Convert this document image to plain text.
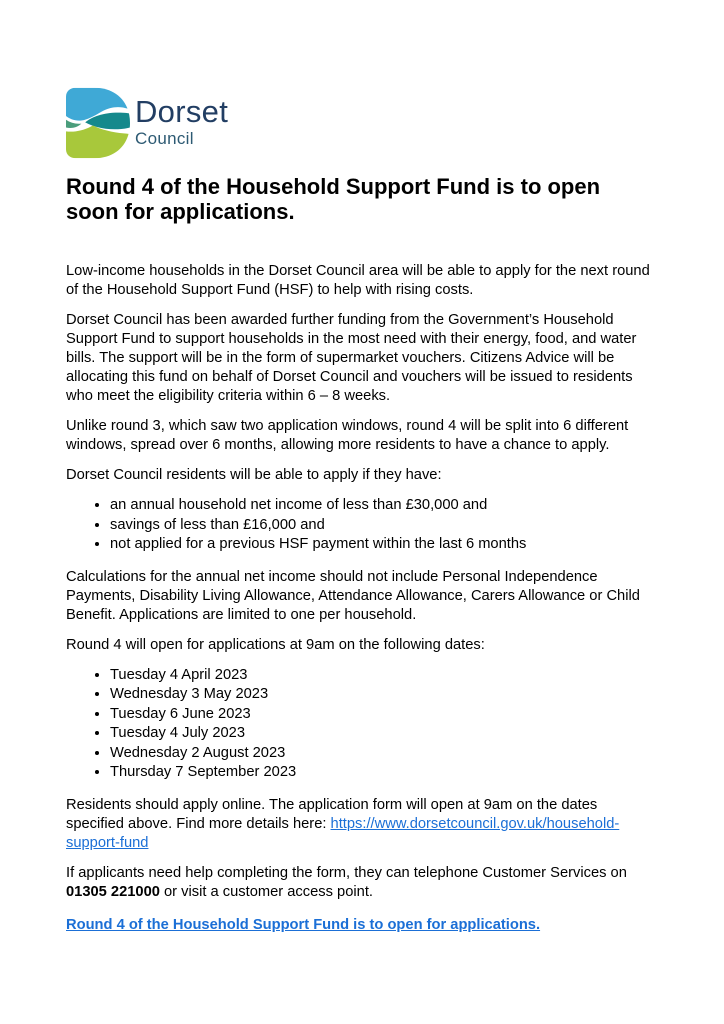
Dorset
Council
Round 4 of the Household Support Fund is to open soon for applications.

Low-income households in the Dorset Council area will be able to apply for the next round of the Household Support Fund (HSF) to help with rising costs.

Dorset Council has been awarded further funding from the Government’s Household Support Fund to support households in the most need with their energy, food, and water bills. The support will be in the form of supermarket vouchers. Citizens Advice will be allocating this fund on behalf of Dorset Council and vouchers will be issued to residents who meet the eligibility criteria within 6 – 8 weeks.

Unlike round 3, which saw two application windows, round 4 will be split into 6 different windows, spread over 6 months, allowing more residents to have a chance to apply.

Dorset Council residents will be able to apply if they have:

• an annual household net income of less than £30,000 and
• savings of less than £16,000 and
• not applied for a previous HSF payment within the last 6 months

Calculations for the annual net income should not include Personal Independence Payments, Disability Living Allowance, Attendance Allowance, Carers Allowance or Child Benefit. Applications are limited to one per household.

Round 4 will open for applications at 9am on the following dates:

• Tuesday 4 April 2023
• Wednesday 3 May 2023
• Tuesday 6 June 2023
• Tuesday 4 July 2023
• Wednesday 2 August 2023
• Thursday 7 September 2023

Residents should apply online. The application form will open at 9am on the dates specified above. Find more details here: https://www.dorsetcouncil.gov.uk/household-support-fund

If applicants need help completing the form, they can telephone Customer Services on 01305 221000 or visit a customer access point.

Round 4 of the Household Support Fund is to open for applications.
